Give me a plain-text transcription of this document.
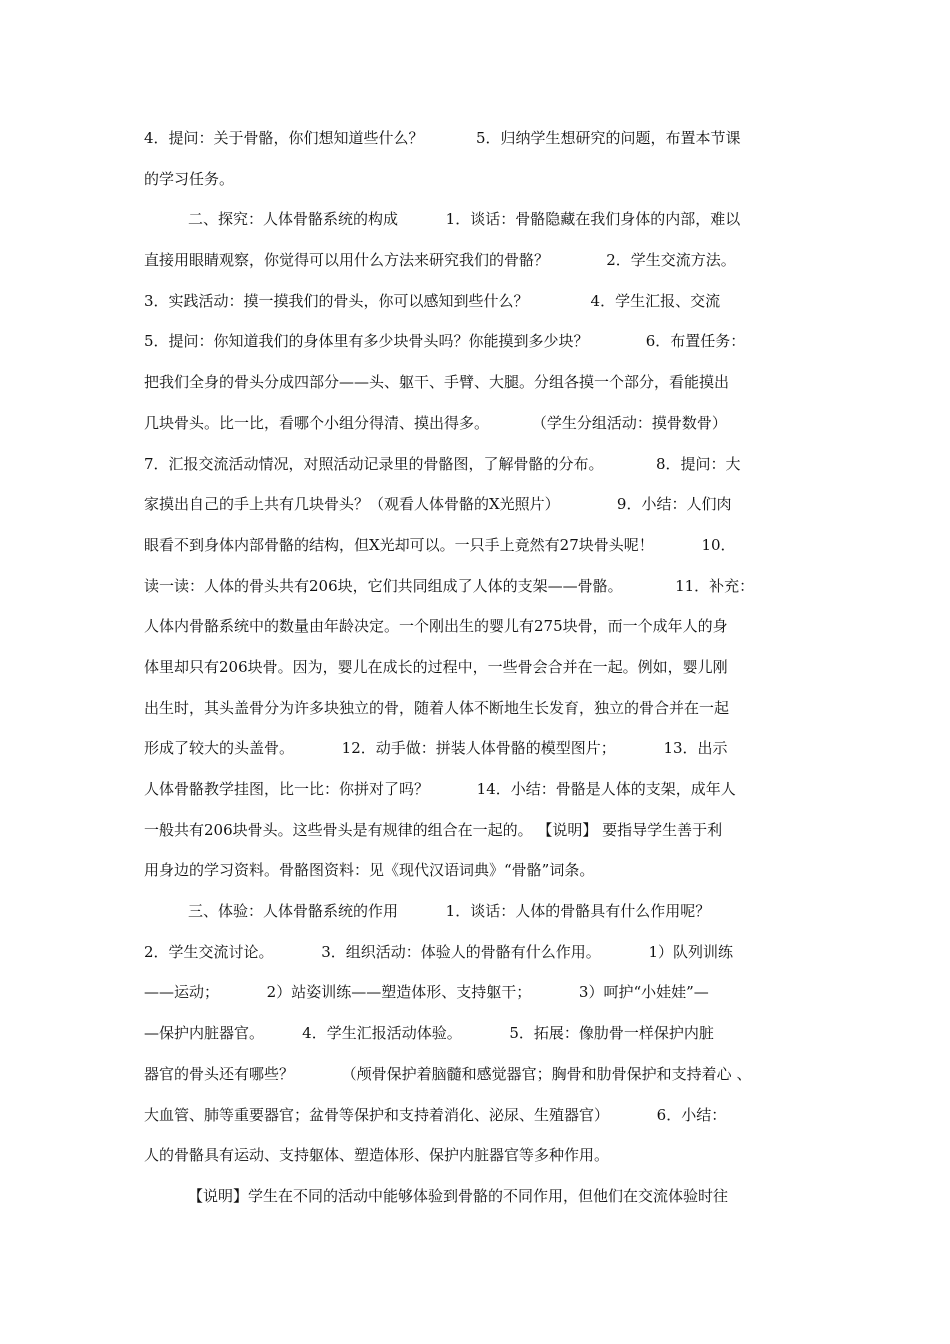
4．提问：关于骨骼，你们想知道些什么？           5．归纳学生想研究的问题，布置本节课
的学习任务。
二、探究：人体骨骼系统的构成          1．谈话：骨骼隐藏在我们身体的内部，难以
直接用眼睛观察，你觉得可以用什么方法来研究我们的骨骼？            2．学生交流方法。
3．实践活动：摸一摸我们的骨头，你可以感知到些什么？             4．学生汇报、交流
5．提问：你知道我们的身体里有多少块骨头吗？你能摸到多少块？            6．布置任务：
把我们全身的骨头分成四部分——头、躯干、手臂、大腿。分组各摸一个部分，看能摸出
几块骨头。比一比，看哪个小组分得清、摸出得多。         （学生分组活动：摸骨数骨）
7．汇报交流活动情况，对照活动记录里的骨骼图，了解骨骼的分布。           8．提问：大
家摸出自己的手上共有几块骨头？（观看人体骨骼的X光照片）            9．小结：人们肉
眼看不到身体内部骨骼的结构，但X光却可以。一只手上竟然有27块骨头呢！          10．
读一读：人体的骨头共有206块，它们共同组成了人体的支架——骨骼。           11．补充：
人体内骨骼系统中的数量由年龄决定。一个刚出生的婴儿有275块骨，而一个成年人的身
体里却只有206块骨。因为，婴儿在成长的过程中，一些骨会合并在一起。例如，婴儿刚
出生时，其头盖骨分为许多块独立的骨，随着人体不断地生长发育，独立的骨合并在一起
形成了较大的头盖骨。          12．动手做：拼装人体骨骼的模型图片；          13．出示
人体骨骼教学挂图，比一比：你拼对了吗？          14．小结：骨骼是人体的支架，成年人
一般共有206块骨头。这些骨头是有规律的组合在一起的。 【说明】 要指导学生善于利
用身边的学习资料。骨骼图资料：见《现代汉语词典》“骨骼”词条。
三、体验：人体骨骼系统的作用          1．谈话：人体的骨骼具有什么作用呢？
2．学生交流讨论。          3．组织活动：体验人的骨骼有什么作用。          1）队列训练
——运动；          2）站姿训练——塑造体形、支持躯干；          3）呵护“小娃娃”—
—保护内脏器官。        4．学生汇报活动体验。          5．拓展：像肋骨一样保护内脏
器官的骨头还有哪些？          （颅骨保护着脑髓和感觉器官；胸骨和肋骨保护和支持着心 、
大血管、肺等重要器官；盆骨等保护和支持着消化、泌尿、生殖器官）          6．小结：
人的骨骼具有运动、支持躯体、塑造体形、保护内脏器官等多种作用。
【说明】学生在不同的活动中能够体验到骨骼的不同作用，但他们在交流体验时往
